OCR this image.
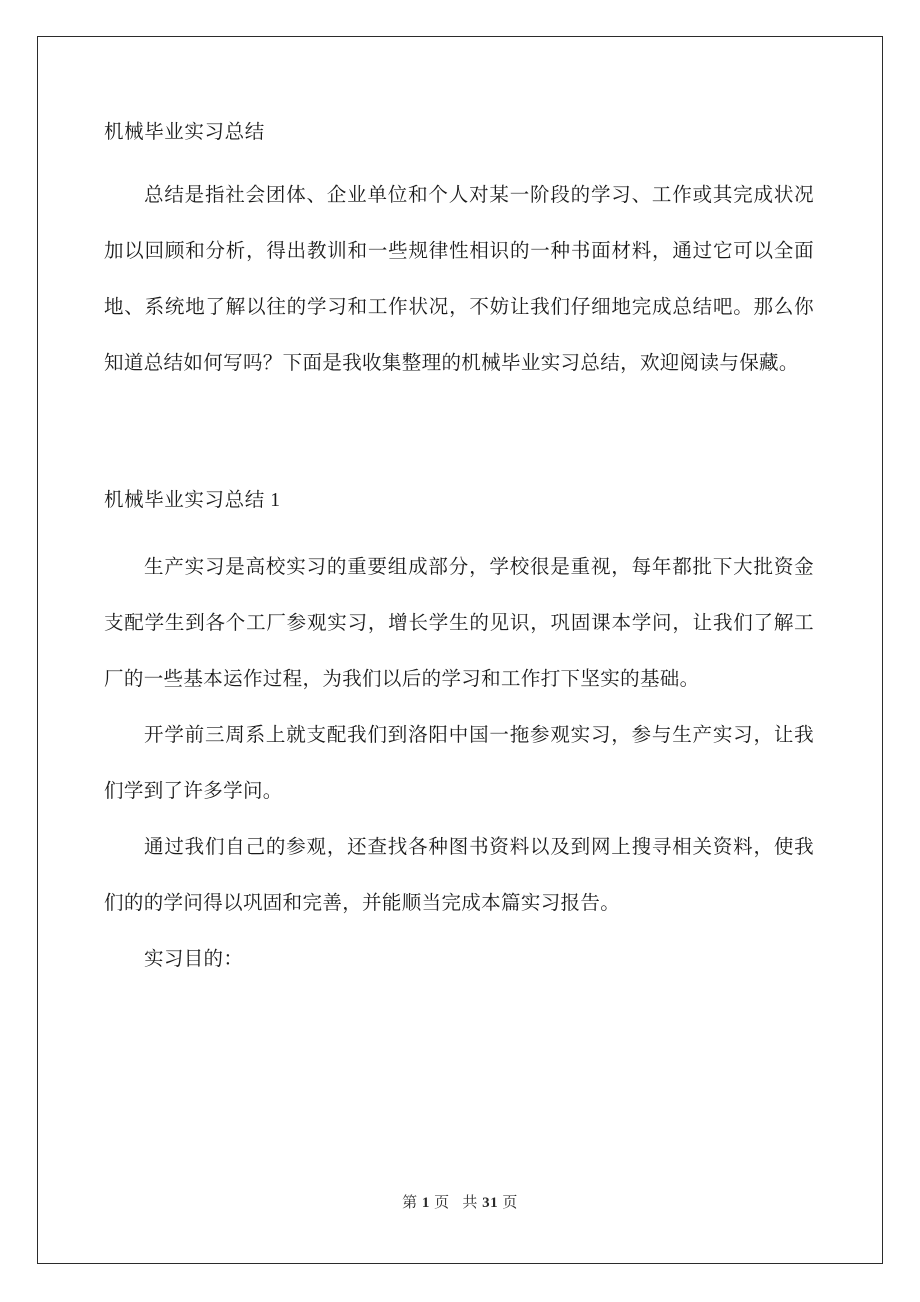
机械毕业实习总结

总结是指社会团体、企业单位和个人对某一阶段的学习、工作或其完成状况加以回顾和分析，得出教训和一些规律性相识的一种书面材料，通过它可以全面地、系统地了解以往的学习和工作状况，不妨让我们仔细地完成总结吧。那么你知道总结如何写吗？下面是我收集整理的机械毕业实习总结，欢迎阅读与保藏。

机械毕业实习总结 1

生产实习是高校实习的重要组成部分，学校很是重视，每年都批下大批资金支配学生到各个工厂参观实习，增长学生的见识，巩固课本学问，让我们了解工厂的一些基本运作过程，为我们以后的学习和工作打下坚实的基础。

开学前三周系上就支配我们到洛阳中国一拖参观实习，参与生产实习，让我们学到了许多学问。

通过我们自己的参观，还查找各种图书资料以及到网上搜寻相关资料，使我们的的学问得以巩固和完善，并能顺当完成本篇实习报告。

实习目的：

第 1 页 共 31 页
